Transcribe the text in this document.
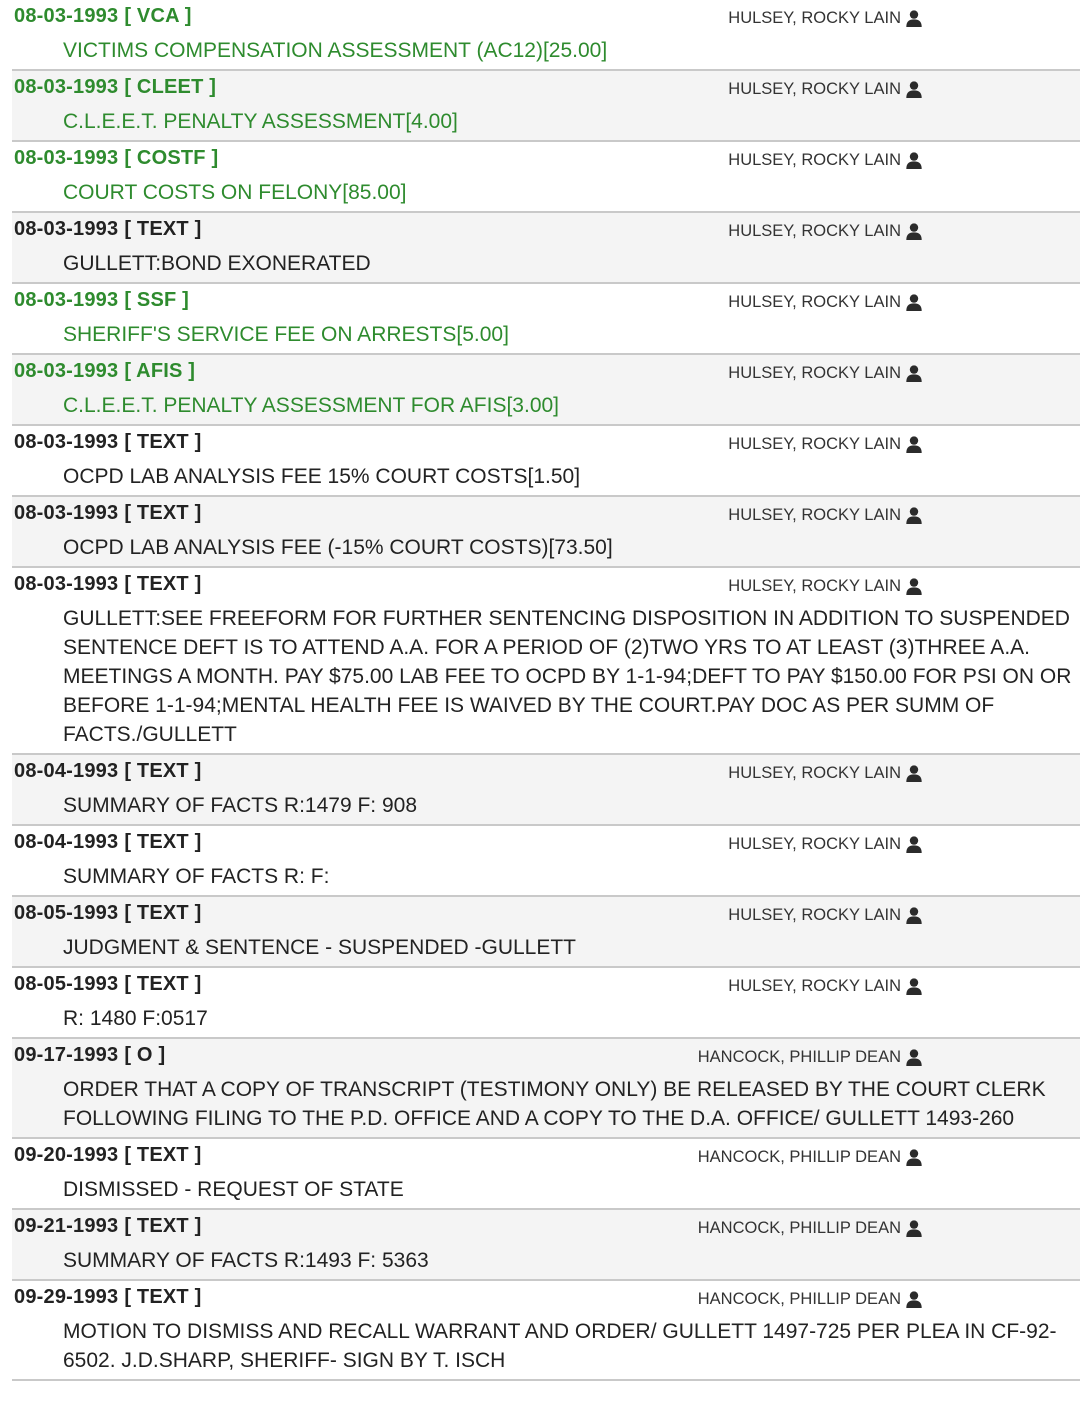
08-03-1993 [ VCA ]	HULSEY, ROCKY LAIN
VICTIMS COMPENSATION ASSESSMENT (AC12)[25.00]
08-03-1993 [ CLEET ]	HULSEY, ROCKY LAIN
C.L.E.E.T. PENALTY ASSESSMENT[4.00]
08-03-1993 [ COSTF ]	HULSEY, ROCKY LAIN
COURT COSTS ON FELONY[85.00]
08-03-1993 [ TEXT ]	HULSEY, ROCKY LAIN
GULLETT:BOND EXONERATED
08-03-1993 [ SSF ]	HULSEY, ROCKY LAIN
SHERIFF'S SERVICE FEE ON ARRESTS[5.00]
08-03-1993 [ AFIS ]	HULSEY, ROCKY LAIN
C.L.E.E.T. PENALTY ASSESSMENT FOR AFIS[3.00]
08-03-1993 [ TEXT ]	HULSEY, ROCKY LAIN
OCPD LAB ANALYSIS FEE 15% COURT COSTS[1.50]
08-03-1993 [ TEXT ]	HULSEY, ROCKY LAIN
OCPD LAB ANALYSIS FEE (-15% COURT COSTS)[73.50]
08-03-1993 [ TEXT ]	HULSEY, ROCKY LAIN
GULLETT:SEE FREEFORM FOR FURTHER SENTENCING DISPOSITION IN ADDITION TO SUSPENDED
SENTENCE DEFT IS TO ATTEND A.A. FOR A PERIOD OF (2)TWO YRS TO AT LEAST (3)THREE A.A.
MEETINGS A MONTH. PAY $75.00 LAB FEE TO OCPD BY 1-1-94;DEFT TO PAY $150.00 FOR PSI ON OR
BEFORE 1-1-94;MENTAL HEALTH FEE IS WAIVED BY THE COURT.PAY DOC AS PER SUMM OF
FACTS./GULLETT
08-04-1993 [ TEXT ]	HULSEY, ROCKY LAIN
SUMMARY OF FACTS R:1479 F: 908
08-04-1993 [ TEXT ]	HULSEY, ROCKY LAIN
SUMMARY OF FACTS R: F:
08-05-1993 [ TEXT ]	HULSEY, ROCKY LAIN
JUDGMENT & SENTENCE - SUSPENDED -GULLETT
08-05-1993 [ TEXT ]	HULSEY, ROCKY LAIN
R: 1480 F:0517
09-17-1993 [ O ]	HANCOCK, PHILLIP DEAN
ORDER THAT A COPY OF TRANSCRIPT (TESTIMONY ONLY) BE RELEASED BY THE COURT CLERK
FOLLOWING FILING TO THE P.D. OFFICE AND A COPY TO THE D.A. OFFICE/ GULLETT 1493-260
09-20-1993 [ TEXT ]	HANCOCK, PHILLIP DEAN
DISMISSED - REQUEST OF STATE
09-21-1993 [ TEXT ]	HANCOCK, PHILLIP DEAN
SUMMARY OF FACTS R:1493 F: 5363
09-29-1993 [ TEXT ]	HANCOCK, PHILLIP DEAN
MOTION TO DISMISS AND RECALL WARRANT AND ORDER/ GULLETT 1497-725 PER PLEA IN CF-92-
6502. J.D.SHARP, SHERIFF- SIGN BY T. ISCH
